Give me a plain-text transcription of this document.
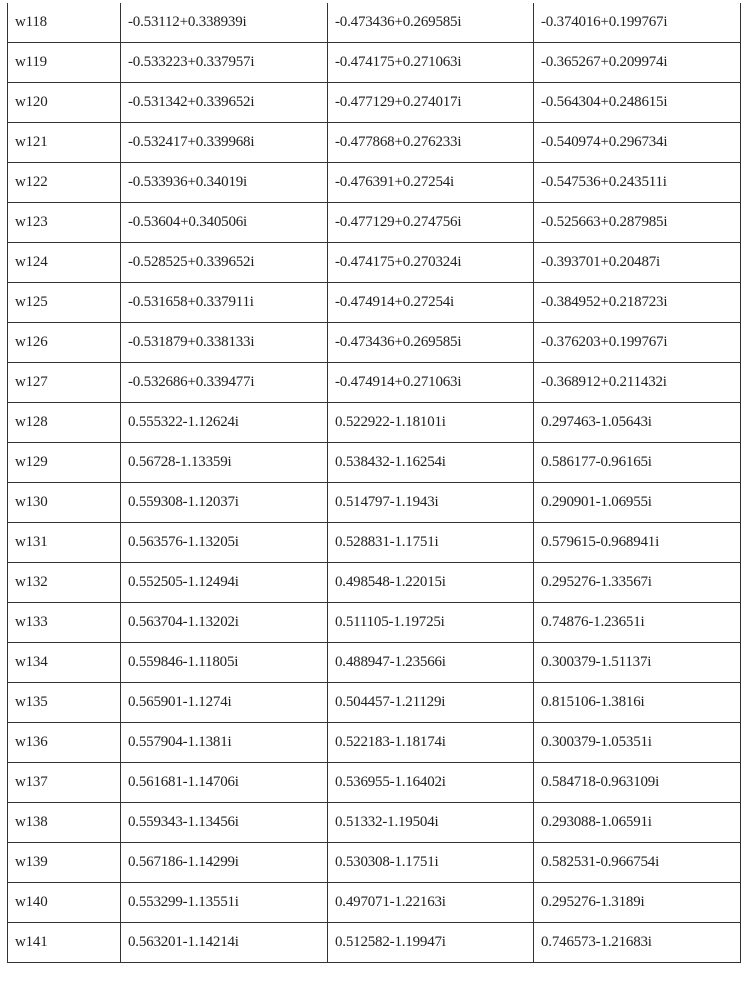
w118	-0.53112+0.338939i	-0.473436+0.269585i	-0.374016+0.199767i
w119	-0.533223+0.337957i	-0.474175+0.271063i	-0.365267+0.209974i
w120	-0.531342+0.339652i	-0.477129+0.274017i	-0.564304+0.248615i
w121	-0.532417+0.339968i	-0.477868+0.276233i	-0.540974+0.296734i
w122	-0.533936+0.34019i	-0.476391+0.27254i	-0.547536+0.243511i
w123	-0.53604+0.340506i	-0.477129+0.274756i	-0.525663+0.287985i
w124	-0.528525+0.339652i	-0.474175+0.270324i	-0.393701+0.20487i
w125	-0.531658+0.337911i	-0.474914+0.27254i	-0.384952+0.218723i
w126	-0.531879+0.338133i	-0.473436+0.269585i	-0.376203+0.199767i
w127	-0.532686+0.339477i	-0.474914+0.271063i	-0.368912+0.211432i
w128	0.555322-1.12624i	0.522922-1.18101i	0.297463-1.05643i
w129	0.56728-1.13359i	0.538432-1.16254i	0.586177-0.96165i
w130	0.559308-1.12037i	0.514797-1.1943i	0.290901-1.06955i
w131	0.563576-1.13205i	0.528831-1.1751i	0.579615-0.968941i
w132	0.552505-1.12494i	0.498548-1.22015i	0.295276-1.33567i
w133	0.563704-1.13202i	0.511105-1.19725i	0.74876-1.23651i
w134	0.559846-1.11805i	0.488947-1.23566i	0.300379-1.51137i
w135	0.565901-1.1274i	0.504457-1.21129i	0.815106-1.3816i
w136	0.557904-1.1381i	0.522183-1.18174i	0.300379-1.05351i
w137	0.561681-1.14706i	0.536955-1.16402i	0.584718-0.963109i
w138	0.559343-1.13456i	0.51332-1.19504i	0.293088-1.06591i
w139	0.567186-1.14299i	0.530308-1.1751i	0.582531-0.966754i
w140	0.553299-1.13551i	0.497071-1.22163i	0.295276-1.3189i
w141	0.563201-1.14214i	0.512582-1.19947i	0.746573-1.21683i
